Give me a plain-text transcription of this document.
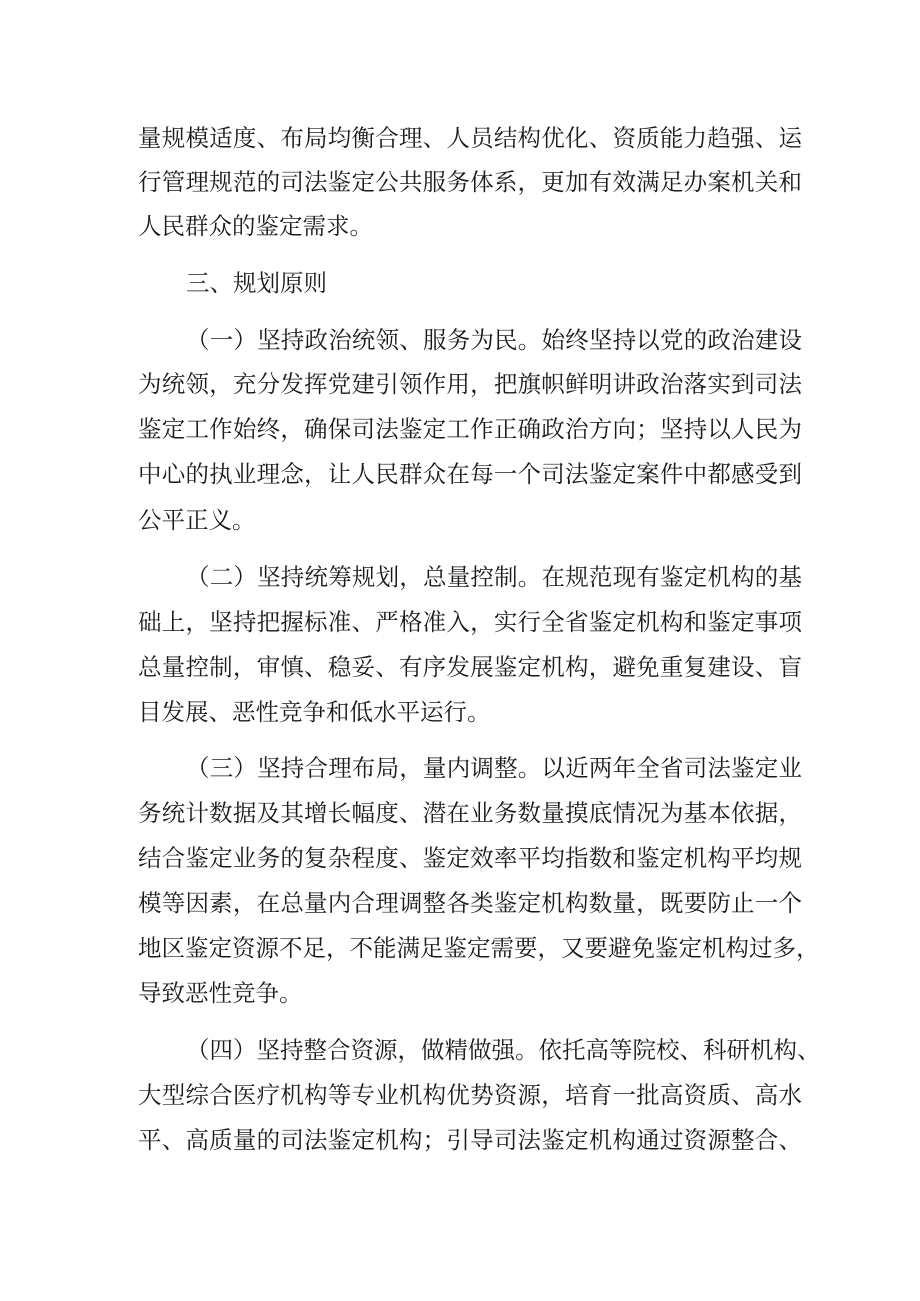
量规模适度、布局均衡合理、人员结构优化、资质能力趋强、运
行管理规范的司法鉴定公共服务体系，更加有效满足办案机关和
人民群众的鉴定需求。
三、规划原则
（一）坚持政治统领、服务为民。始终坚持以党的政治建设
为统领，充分发挥党建引领作用，把旗帜鲜明讲政治落实到司法
鉴定工作始终，确保司法鉴定工作正确政治方向；坚持以人民为
中心的执业理念，让人民群众在每一个司法鉴定案件中都感受到
公平正义。
（二）坚持统筹规划，总量控制。在规范现有鉴定机构的基
础上，坚持把握标准、严格准入，实行全省鉴定机构和鉴定事项
总量控制，审慎、稳妥、有序发展鉴定机构，避免重复建设、盲
目发展、恶性竞争和低水平运行。
（三）坚持合理布局，量内调整。以近两年全省司法鉴定业
务统计数据及其增长幅度、潜在业务数量摸底情况为基本依据，
结合鉴定业务的复杂程度、鉴定效率平均指数和鉴定机构平均规
模等因素，在总量内合理调整各类鉴定机构数量，既要防止一个
地区鉴定资源不足，不能满足鉴定需要，又要避免鉴定机构过多，
导致恶性竞争。
（四）坚持整合资源，做精做强。依托高等院校、科研机构、
大型综合医疗机构等专业机构优势资源，培育一批高资质、高水
平、高质量的司法鉴定机构；引导司法鉴定机构通过资源整合、
